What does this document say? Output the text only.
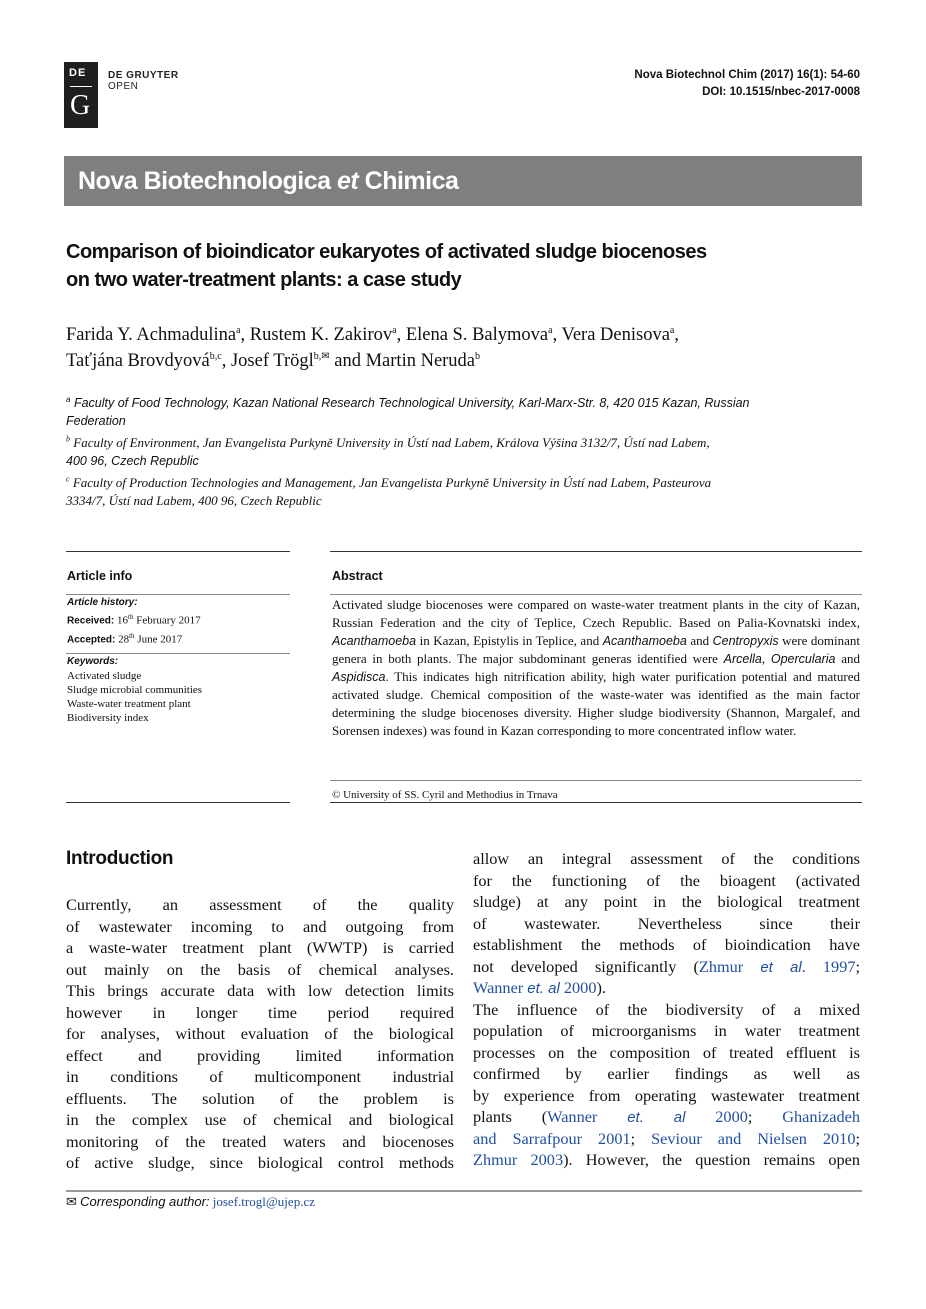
DE
G
DE GRUYTER
OPEN
Nova Biotechnol Chim (2017) 16(1): 54-60
DOI: 10.1515/nbec-2017-0008
Nova Biotechnologica et Chimica
Comparison of bioindicator eukaryotes of activated sludge biocenoses
on two water-treatment plants: a case study
Farida Y. Achmadulina$^a$, Rustem K. Zakirov$^a$, Elena S. Balymova$^a$, Vera Denisova$^a$,
Taťjána Brovdyová$^{b,c}$, Josef Trögl$^{b,✉}$ and Martin Neruda$^b$
$^a$ Faculty of Food Technology, Kazan National Research Technological University, Karl-Marx-Str. 8, 420 015 Kazan, Russian
Federation
$^b$ Faculty of Environment, Jan Evangelista Purkyně University in Ústí nad Labem, Králova Výšina 3132/7, Ústí nad Labem,
400 96, Czech Republic
$^c$ Faculty of Production Technologies and Management, Jan Evangelista Purkyně University in Ústí nad Labem, Pasteurova
3334/7, Ústí nad Labem, 400 96, Czech Republic
Article info	Abstract
Article history:
Received: 16th February 2017
Accepted: 28th June 2017
Keywords:
Activated sludge
Sludge microbial communities
Waste-water treatment plant
Biodiversity index
Activated sludge biocenoses were compared on waste-water treatment plants in the city of Kazan, Russian Federation and the city of Teplice, Czech Republic. Based on Palia-Kovnatski index, Acanthamoeba in Kazan, Epistylis in Teplice, and Acanthamoeba and Centropyxis were dominant genera in both plants. The major subdominant generas identified were Arcella, Opercularia and Aspidisca. This indicates high nitrification ability, high water purification potential and matured activated sludge. Chemical composition of the waste-water was identified as the main factor determining the sludge biocenoses diversity. Higher sludge biodiversity (Shannon, Margalef, and Sorensen indexes) was found in Kazan corresponding to more concentrated inflow water.
© University of SS. Cyril and Methodius in Trnava
Introduction
Currently, an assessment of the quality
of wastewater incoming to and outgoing from
a waste-water treatment plant (WWTP) is carried
out mainly on the basis of chemical analyses.
This brings accurate data with low detection limits
however in longer time period required
for analyses, without evaluation of the biological
effect and providing limited information
in conditions of multicomponent industrial
effluents. The solution of the problem is
in the complex use of chemical and biological
monitoring of the treated waters and biocenoses
of active sludge, since biological control methods
allow an integral assessment of the conditions
for the functioning of the bioagent (activated
sludge) at any point in the biological treatment
of wastewater. Nevertheless since their
establishment the methods of bioindication have
not developed significantly (Zhmur et al. 1997;
Wanner et. al 2000).
The influence of the biodiversity of a mixed
population of microorganisms in water treatment
processes on the composition of treated effluent is
confirmed by earlier findings as well as
by experience from operating wastewater treatment
plants (Wanner et. al 2000; Ghanizadeh
and Sarrafpour 2001; Seviour and Nielsen 2010;
Zhmur 2003). However, the question remains open
✉ Corresponding author: josef.trogl@ujep.cz
